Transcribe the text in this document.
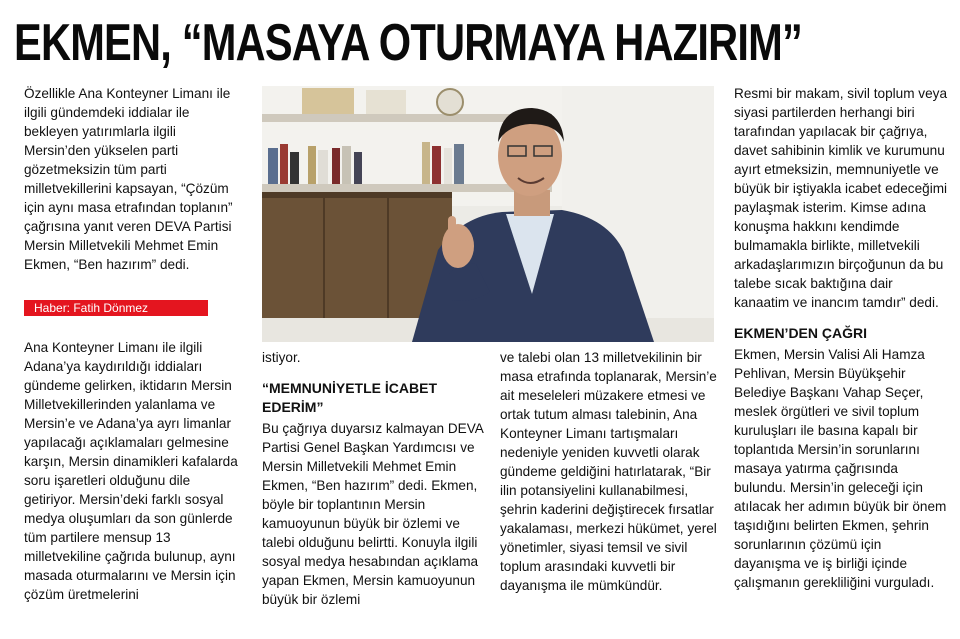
EKMEN, “MASAYA OTURMAYA HAZIRIM”

Özellikle Ana Konteyner Limanı ile ilgili gündemdeki iddialar ile bekleyen yatırımlarla ilgili Mersin’den yükselen parti gözetmeksizin tüm parti milletvekillerini kapsayan, “Çözüm için aynı masa etrafından toplanın” çağrısına yanıt veren DEVA Partisi Mersin Milletvekili Mehmet Emin Ekmen, “Ben hazırım” dedi.

Haber: Fatih Dönmez

Ana Konteyner Limanı ile ilgili Adana’ya kaydırıldığı iddiaları gündeme gelirken, iktidarın Mersin Milletvekillerinden yalanlama ve Mersin’e ve Adana’ya ayrı limanlar yapılacağı açıklamaları gelmesine karşın, Mersin dinamikleri kafalarda soru işaretleri olduğunu dile getiriyor. Mersin’deki farklı sosyal medya oluşumları da son günlerde tüm partilere mensup 13 milletvekiline çağrıda bulunup, aynı masada oturmalarını ve Mersin için çözüm üretmelerini

istiyor.

“MEMNUNİYETLE İCABET EDERİM”

Bu çağrıya duyarsız kalmayan DEVA Partisi Genel Başkan Yardımcısı ve Mersin Milletvekili Mehmet Emin Ekmen, “Ben hazırım” dedi. Ekmen, böyle bir toplantının Mersin kamuoyunun büyük bir özlemi ve talebi olduğunu belirtti. Konuyla ilgili sosyal medya hesabından açıklama yapan Ekmen, Mersin kamuoyunun büyük bir özlemi

ve talebi olan 13 milletvekilinin bir masa etrafında toplanarak, Mersin’e ait meseleleri müzakere etmesi ve ortak tutum alması talebinin, Ana Konteyner Limanı tartışmaları nedeniyle yeniden kuvvetli olarak gündeme geldiğini hatırlatarak, “Bir ilin potansiyelini kullanabilmesi, şehrin kaderini değiştirecek fırsatlar yakalaması, merkezi hükümet, yerel yönetimler, siyasi temsil ve sivil toplum arasındaki kuvvetli bir dayanışma ile mümkündür.

Resmi bir makam, sivil toplum veya siyasi partilerden herhangi biri tarafından yapılacak bir çağrıya, davet sahibinin kimlik ve kurumunu ayırt etmeksizin, memnuniyetle ve büyük bir iştiyakla icabet edeceğimi paylaşmak isterim. Kimse adına konuşma hakkını kendimde bulmamakla birlikte, milletvekili arkadaşlarımızın birçoğunun da bu talebe sıcak baktığına dair kanaatim ve inancım tamdır” dedi.

EKMEN’DEN ÇAĞRI

Ekmen, Mersin Valisi Ali Hamza Pehlivan, Mersin Büyükşehir Belediye Başkanı Vahap Seçer, meslek örgütleri ve sivil toplum kuruluşları ile basına kapalı bir toplantıda Mersin’in sorunlarını masaya yatırma çağrısında bulundu. Mersin’in geleceği için atılacak her adımın büyük bir önem taşıdığını belirten Ekmen, şehrin sorunlarının çözümü için dayanışma ve iş birliği içinde çalışmanın gerekliliğini vurguladı.
